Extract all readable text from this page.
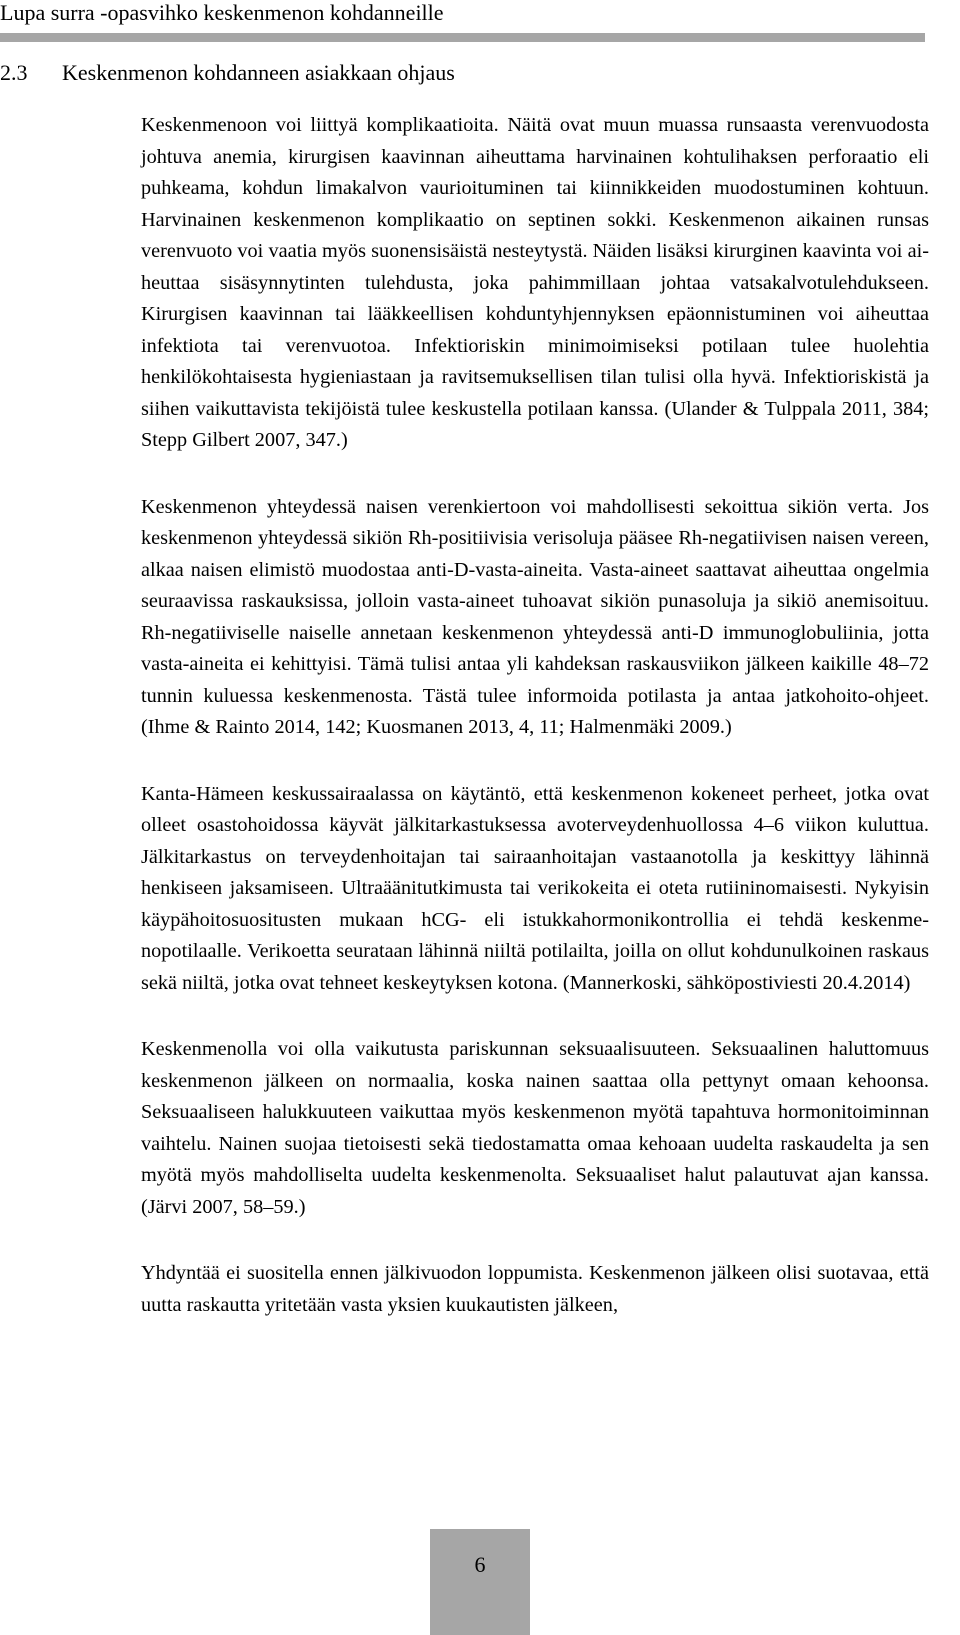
Lupa surra -opasvihko keskenmenon kohdanneille
2.3 Keskenmenon kohdanneen asiakkaan ohjaus

Keskenmenoon voi liittyä komplikaatioita. Näitä ovat muun muassa runsaasta verenvuodosta johtuva anemia, kirurgisen kaavinnan aiheuttama harvinainen kohtulihaksen perforaatio eli puhkeama, kohdun limakalvon vaurioituminen tai kiinnikkeiden muodostuminen kohtuun. Harvinainen keskenmenon komplikaatio on septinen sokki. Keskenmenon aikainen runsas verenvuoto voi vaatia myös suonensisäistä nesteytystä. Näiden lisäksi kirurginen kaavinta voi aiheuttaa sisäsynnytinten tulehdusta, joka pahimmillaan johtaa vatsakalvotulehdukseen. Kirurgisen kaavinnan tai lääkkeellisen kohduntyhjennyksen epäonnistuminen voi aiheuttaa infektiota tai verenvuotoa. Infektioriskin minimoimiseksi potilaan tulee huolehtia henkilökohtaisesta hygieniastaan ja ravitsemuksellisen tilan tulisi olla hyvä. Infektioriskistä ja siihen vaikuttavista tekijöistä tulee keskustella potilaan kanssa. (Ulander & Tulppala 2011, 384; Stepp Gilbert 2007, 347.)

Keskenmenon yhteydessä naisen verenkiertoon voi mahdollisesti sekoittua sikiön verta. Jos keskenmenon yhteydessä sikiön Rh-positiivisia verisoluja pääsee Rh-negatiivisen naisen vereen, alkaa naisen elimistö muodostaa anti-D-vasta-aineita. Vasta-aineet saattavat aiheuttaa ongelmia seuraavissa raskauksissa, jolloin vasta-aineet tuhoavat sikiön punasoluja ja sikiö anemisoituu. Rh-negatiiviselle naiselle annetaan keskenmenon yhteydessä anti-D immunoglobuliinia, jotta vasta-aineita ei kehittyisi. Tämä tulisi antaa yli kahdeksan raskausviikon jälkeen kaikille 48–72 tunnin kuluessa keskenmenosta. Tästä tulee informoida potilasta ja antaa jatkohoito-ohjeet. (Ihme & Rainto 2014, 142; Kuosmanen 2013, 4, 11; Halmenmäki 2009.)

Kanta-Hämeen keskussairaalassa on käytäntö, että keskenmenon kokeneet perheet, jotka ovat olleet osastohoidossa käyvät jälkitarkastuksessa avoterveydenhuollossa 4–6 viikon kuluttua. Jälkitarkastus on terveydenhoitajan tai sairaanhoitajan vastaanotolla ja keskittyy lähinnä henkiseen jaksamiseen. Ultraäänitutkimusta tai verikokeita ei oteta rutiininomaisesti. Nykyisin käypähoitosuositusten mukaan hCG- eli istukkahormonikontrollia ei tehdä keskenmenopotilaalle. Verikoetta seurataan lähinnä niiltä potilailta, joilla on ollut kohdunulkoinen raskaus sekä niiltä, jotka ovat tehneet keskeytyksen kotona. (Mannerkoski, sähköpostiviesti 20.4.2014)

Keskenmenolla voi olla vaikutusta pariskunnan seksuaalisuuteen. Seksuaalinen haluttomuus keskenmenon jälkeen on normaalia, koska nainen saattaa olla pettynyt omaan kehoonsa. Seksuaaliseen halukkuuteen vaikuttaa myös keskenmenon myötä tapahtuva hormonitoiminnan vaihtelu. Nainen suojaa tietoisesti sekä tiedostamatta omaa kehoaan uudelta raskaudelta ja sen myötä myös mahdolliselta uudelta keskenmenolta. Seksuaaliset halut palautuvat ajan kanssa. (Järvi 2007, 58–59.)

Yhdyntää ei suositella ennen jälkivuodon loppumista. Keskenmenon jälkeen olisi suotavaa, että uutta raskautta yritetään vasta yksien kuukautisten jälkeen,

6
